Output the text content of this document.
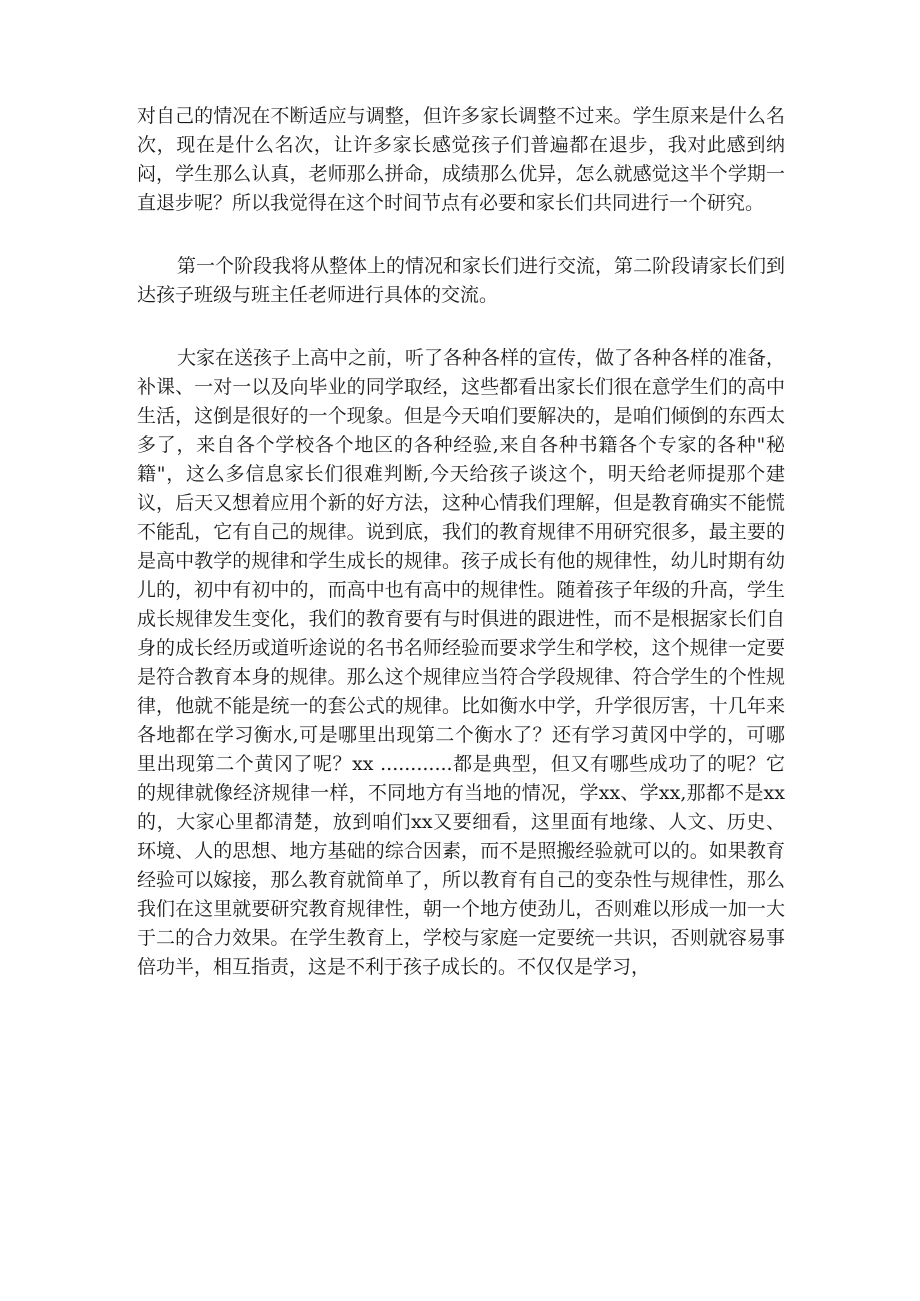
对自己的情况在不断适应与调整，但许多家长调整不过来。学生原来是什么名次，现在是什么名次，让许多家长感觉孩子们普遍都在退步，我对此感到纳闷，学生那么认真，老师那么拼命，成绩那么优异，怎么就感觉这半个学期一直退步呢？所以我觉得在这个时间节点有必要和家长们共同进行一个研究。

第一个阶段我将从整体上的情况和家长们进行交流，第二阶段请家长们到达孩子班级与班主任老师进行具体的交流。

大家在送孩子上高中之前，听了各种各样的宣传，做了各种各样的准备，补课、一对一以及向毕业的同学取经，这些都看出家长们很在意学生们的高中生活，这倒是很好的一个现象。但是今天咱们要解决的，是咱们倾倒的东西太多了，来自各个学校各个地区的各种经验,来自各种书籍各个专家的各种"秘籍"，这么多信息家长们很难判断,今天给孩子谈这个，明天给老师提那个建议，后天又想着应用个新的好方法，这种心情我们理解，但是教育确实不能慌不能乱，它有自己的规律。说到底，我们的教育规律不用研究很多，最主要的是高中教学的规律和学生成长的规律。孩子成长有他的规律性，幼儿时期有幼儿的，初中有初中的，而高中也有高中的规律性。随着孩子年级的升高，学生成长规律发生变化，我们的教育要有与时俱进的跟进性，而不是根据家长们自身的成长经历或道听途说的名书名师经验而要求学生和学校，这个规律一定要是符合教育本身的规律。那么这个规律应当符合学段规律、符合学生的个性规律，他就不能是统一的套公式的规律。比如衡水中学，升学很厉害，十几年来各地都在学习衡水,可是哪里出现第二个衡水了？还有学习黄冈中学的，可哪里出现第二个黄冈了呢？xx ............都是典型，但又有哪些成功了的呢？它的规律就像经济规律一样，不同地方有当地的情况，学xx、学xx,那都不是xx的，大家心里都清楚，放到咱们xx又要细看，这里面有地缘、人文、历史、环境、人的思想、地方基础的综合因素，而不是照搬经验就可以的。如果教育经验可以嫁接，那么教育就简单了，所以教育有自己的变杂性与规律性，那么我们在这里就要研究教育规律性，朝一个地方使劲儿，否则难以形成一加一大于二的合力效果。在学生教育上，学校与家庭一定要统一共识，否则就容易事倍功半，相互指责，这是不利于孩子成长的。不仅仅是学习，
